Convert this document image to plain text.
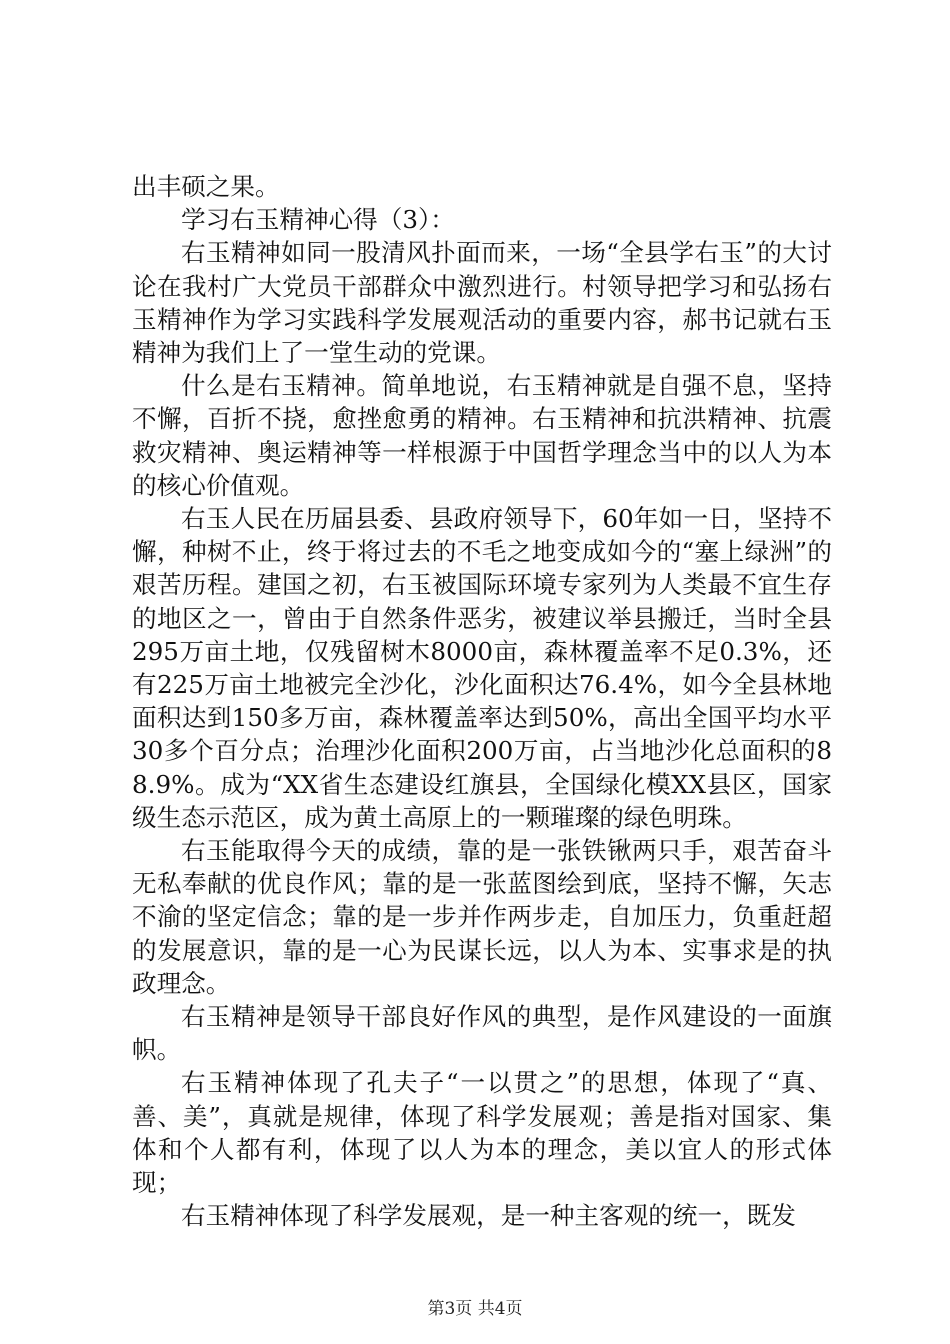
出丰硕之果。

学习右玉精神心得（3）：

右玉精神如同一股清风扑面而来，一场“全县学右玉”的大讨论在我村广大党员干部群众中激烈进行。村领导把学习和弘扬右玉精神作为学习实践科学发展观活动的重要内容，郝书记就右玉精神为我们上了一堂生动的党课。

什么是右玉精神。简单地说，右玉精神就是自强不息，坚持不懈，百折不挠，愈挫愈勇的精神。右玉精神和抗洪精神、抗震救灾精神、奥运精神等一样根源于中国哲学理念当中的以人为本的核心价值观。

右玉人民在历届县委、县政府领导下，60年如一日，坚持不懈，种树不止，终于将过去的不毛之地变成如今的“塞上绿洲”的艰苦历程。建国之初，右玉被国际环境专家列为人类最不宜生存的地区之一，曾由于自然条件恶劣，被建议举县搬迁，当时全县295万亩土地，仅残留树木8000亩，森林覆盖率不足0.3%，还有225万亩土地被完全沙化，沙化面积达76.4%，如今全县林地面积达到150多万亩，森林覆盖率达到50%，高出全国平均水平30多个百分点；治理沙化面积200万亩，占当地沙化总面积的88.9%。成为“XX省生态建设红旗县，全国绿化模XX县区，国家级生态示范区，成为黄土高原上的一颗璀璨的绿色明珠。

右玉能取得今天的成绩，靠的是一张铁锹两只手，艰苦奋斗无私奉献的优良作风；靠的是一张蓝图绘到底，坚持不懈，矢志不渝的坚定信念；靠的是一步并作两步走，自加压力，负重赶超的发展意识，靠的是一心为民谋长远，以人为本、实事求是的执政理念。

右玉精神是领导干部良好作风的典型，是作风建设的一面旗帜。

右玉精神体现了孔夫子“一以贯之”的思想，体现了“真、善、美”，真就是规律，体现了科学发展观；善是指对国家、集体和个人都有利，体现了以人为本的理念，美以宜人的形式体现；

右玉精神体现了科学发展观，是一种主客观的统一，既发

第3页 共4页
